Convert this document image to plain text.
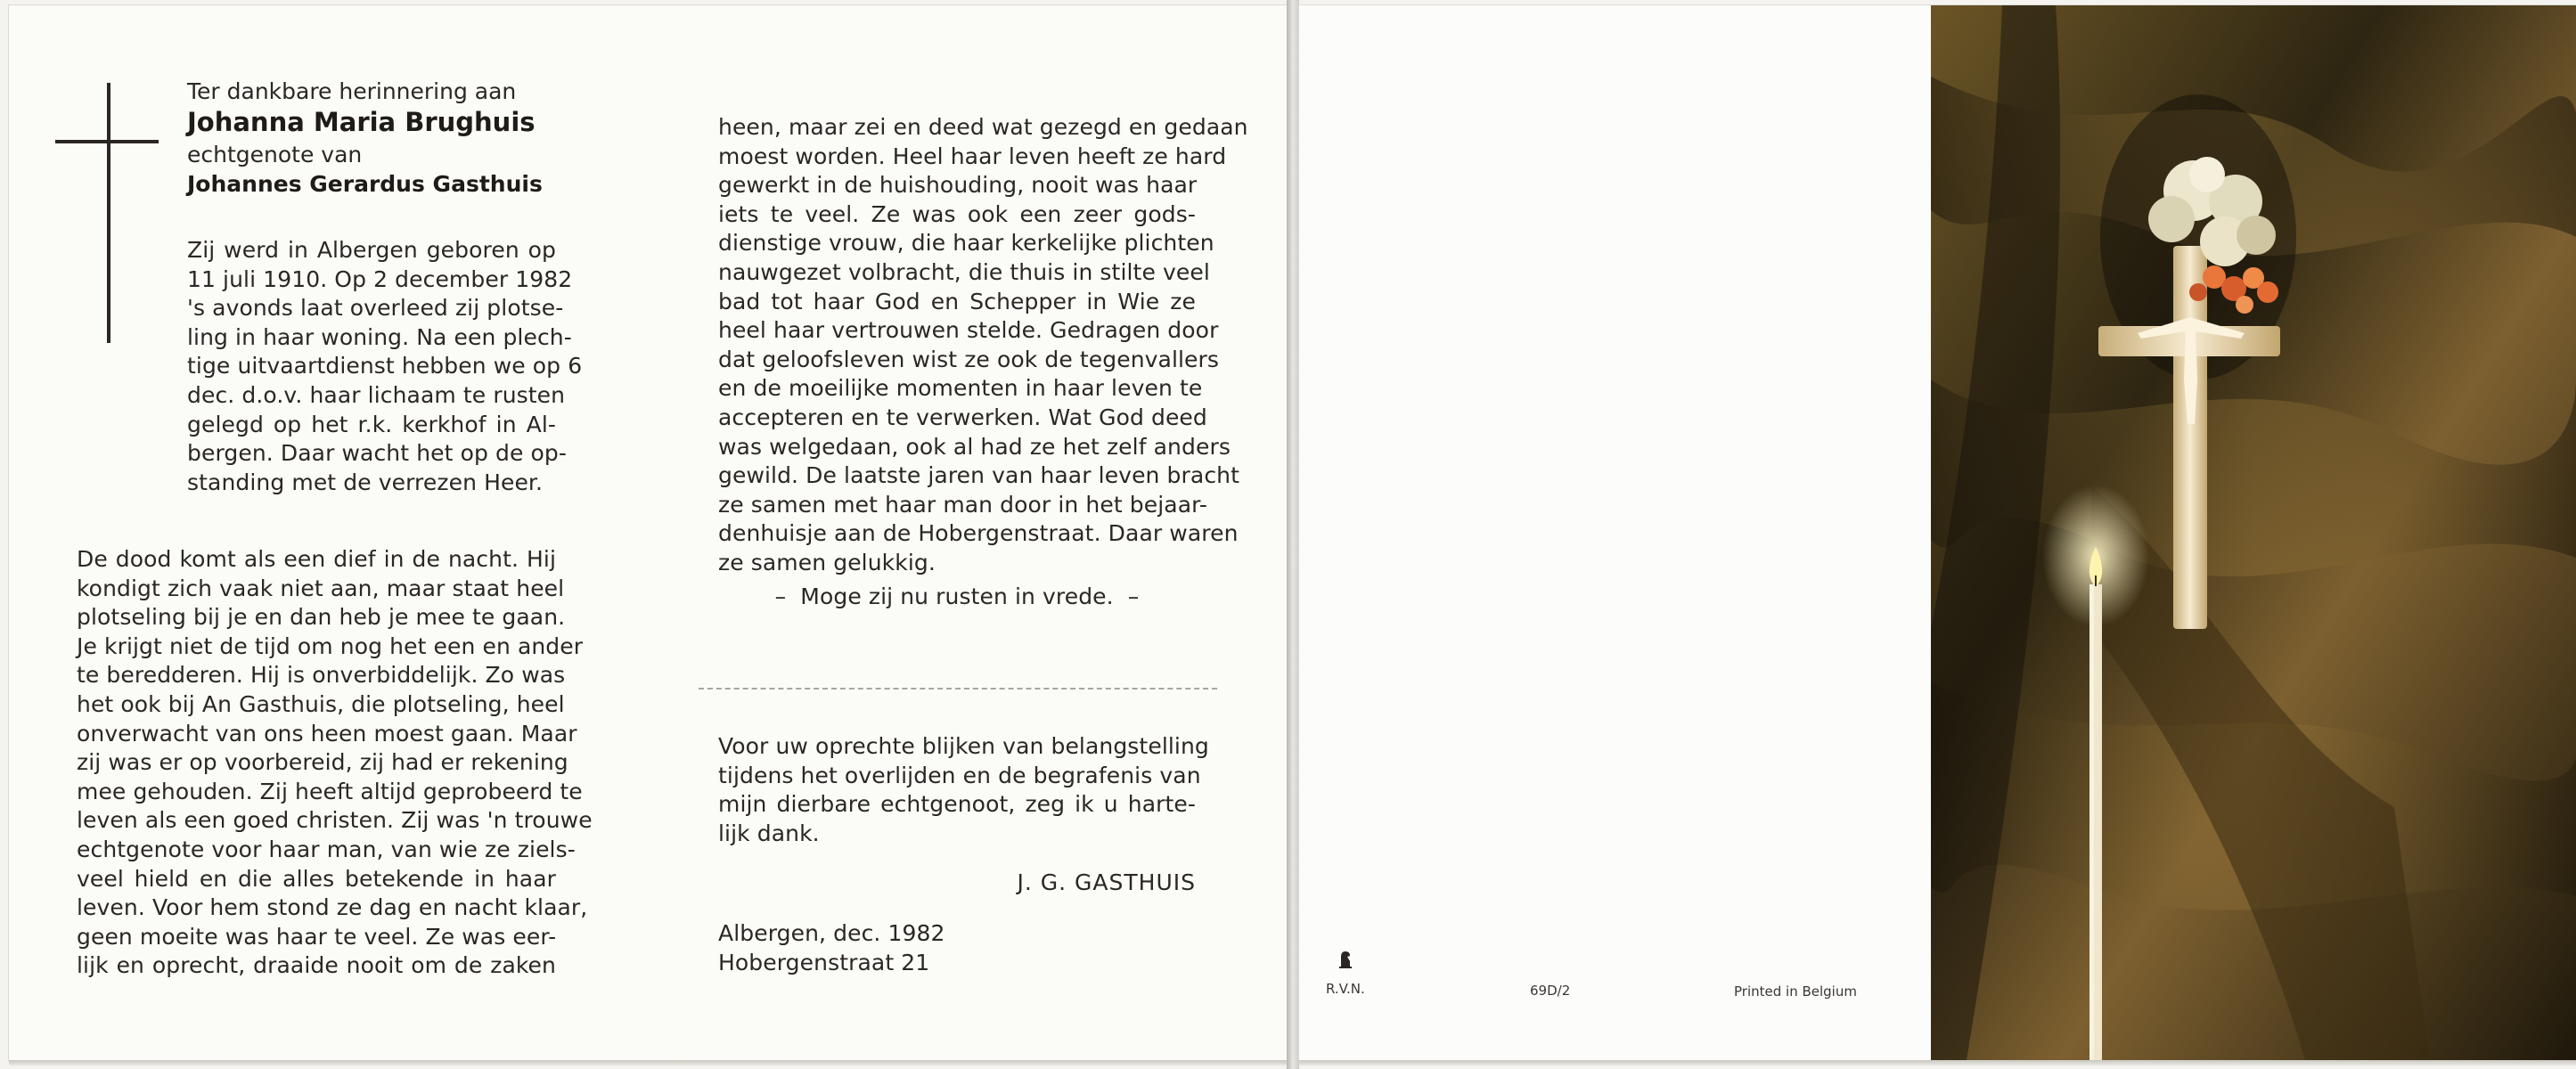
Ter dankbare herinnering aan
Johanna Maria Brughuis
echtgenote van
Johannes Gerardus Gasthuis
Zij werd in Albergen geboren op
11 juli 1910. Op 2 december 1982
's avonds laat overleed zij plotse-
ling in haar woning. Na een plech-
tige uitvaartdienst hebben we op 6
dec. d.o.v. haar lichaam te rusten
gelegd op het r.k. kerkhof in Al-
bergen. Daar wacht het op de op-
standing met de verrezen Heer.
De dood komt als een dief in de nacht. Hij
kondigt zich vaak niet aan, maar staat heel
plotseling bij je en dan heb je mee te gaan.
Je krijgt niet de tijd om nog het een en ander
te beredderen. Hij is onverbiddelijk. Zo was
het ook bij An Gasthuis, die plotseling, heel
onverwacht van ons heen moest gaan. Maar
zij was er op voorbereid, zij had er rekening
mee gehouden. Zij heeft altijd geprobeerd te
leven als een goed christen. Zij was 'n trouwe
echtgenote voor haar man, van wie ze ziels-
veel hield en die alles betekende in haar
leven. Voor hem stond ze dag en nacht klaar,
geen moeite was haar te veel. Ze was eer-
lijk en oprecht, draaide nooit om de zaken
heen, maar zei en deed wat gezegd en gedaan
moest worden. Heel haar leven heeft ze hard
gewerkt in de huishouding, nooit was haar
iets te veel. Ze was ook een zeer gods-
dienstige vrouw, die haar kerkelijke plichten
nauwgezet volbracht, die thuis in stilte veel
bad tot haar God en Schepper in Wie ze
heel haar vertrouwen stelde. Gedragen door
dat geloofsleven wist ze ook de tegenvallers
en de moeilijke momenten in haar leven te
accepteren en te verwerken. Wat God deed
was welgedaan, ook al had ze het zelf anders
gewild. De laatste jaren van haar leven bracht
ze samen met haar man door in het bejaar-
denhuisje aan de Hobergenstraat. Daar waren
ze samen gelukkig.
–  Moge zij nu rusten in vrede.  –
Voor uw oprechte blijken van belangstelling
tijdens het overlijden en de begrafenis van
mijn dierbare echtgenoot, zeg ik u harte-
lijk dank.
J. G. GASTHUIS
Albergen, dec. 1982
Hobergenstraat 21
R.V.N.	69D/2	Printed in Belgium
